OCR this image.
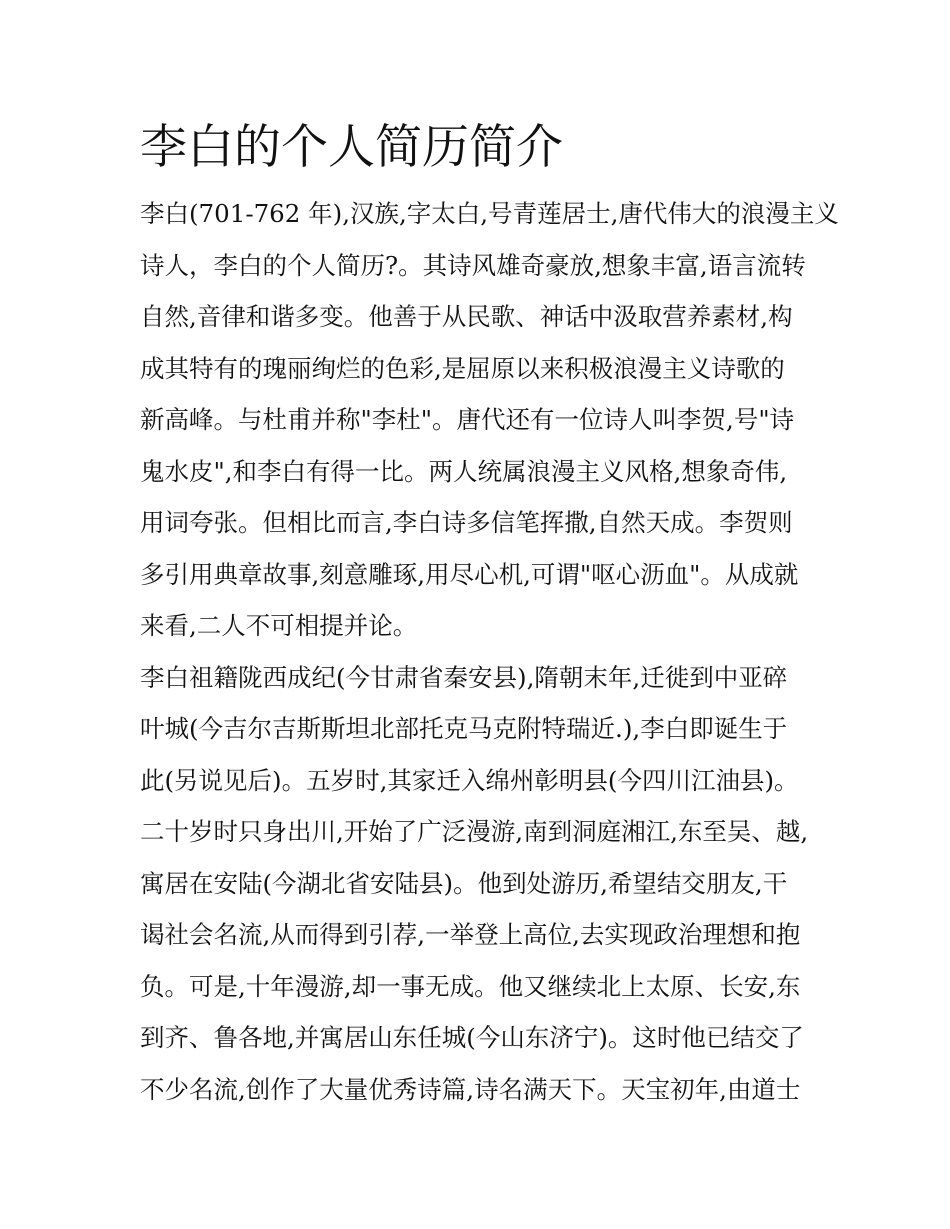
李白的个人简历简介

李白(701-762 年),汉族,字太白,号青莲居士,唐代伟大的浪漫主义
诗人，李白的个人简历?。其诗风雄奇豪放,想象丰富,语言流转
自然,音律和谐多变。他善于从民歌、神话中汲取营养素材,构
成其特有的瑰丽绚烂的色彩,是屈原以来积极浪漫主义诗歌的
新高峰。与杜甫并称"李杜"。唐代还有一位诗人叫李贺,号"诗
鬼水皮",和李白有得一比。两人统属浪漫主义风格,想象奇伟,
用词夸张。但相比而言,李白诗多信笔挥撒,自然天成。李贺则
多引用典章故事,刻意雕琢,用尽心机,可谓"呕心沥血"。从成就
来看,二人不可相提并论。

李白祖籍陇西成纪(今甘肃省秦安县),隋朝末年,迁徙到中亚碎
叶城(今吉尔吉斯斯坦北部托克马克附特瑞近.),李白即诞生于
此(另说见后)。五岁时,其家迁入绵州彰明县(今四川江油县)。
二十岁时只身出川,开始了广泛漫游,南到洞庭湘江,东至吴、越,
寓居在安陆(今湖北省安陆县)。他到处游历,希望结交朋友,干
谒社会名流,从而得到引荐,一举登上高位,去实现政治理想和抱
负。可是,十年漫游,却一事无成。他又继续北上太原、长安,东
到齐、鲁各地,并寓居山东任城(今山东济宁)。这时他已结交了
不少名流,创作了大量优秀诗篇,诗名满天下。天宝初年,由道士
